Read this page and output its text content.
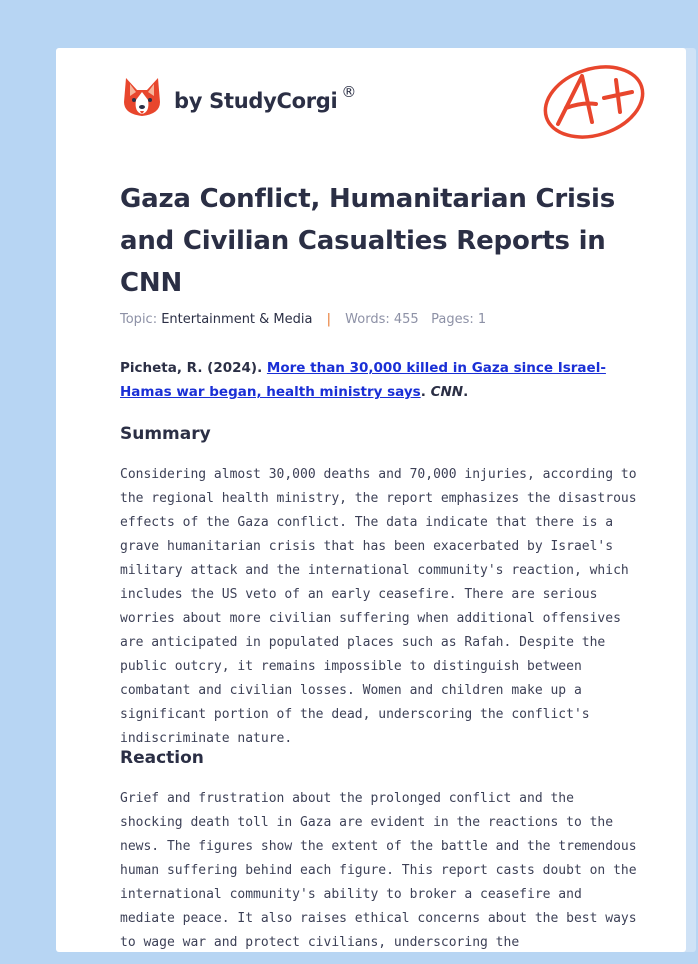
by StudyCorgi ®
Gaza Conflict, Humanitarian Crisis and Civilian Casualties Reports in CNN
Topic: Entertainment & Media | Words: 455 Pages: 1
Picheta, R. (2024). More than 30,000 killed in Gaza since Israel-Hamas war began, health ministry says. CNN.
Summary

Considering almost 30,000 deaths and 70,000 injuries, according to the regional health ministry, the report emphasizes the disastrous effects of the Gaza conflict. The data indicate that there is a grave humanitarian crisis that has been exacerbated by Israel's military attack and the international community's reaction, which includes the US veto of an early ceasefire. There are serious worries about more civilian suffering when additional offensives are anticipated in populated places such as Rafah. Despite the public outcry, it remains impossible to distinguish between combatant and civilian losses. Women and children make up a significant portion of the dead, underscoring the conflict's indiscriminate nature.

Reaction

Grief and frustration about the prolonged conflict and the shocking death toll in Gaza are evident in the reactions to the news. The figures show the extent of the battle and the tremendous human suffering behind each figure. This report casts doubt on the international community's ability to broker a ceasefire and mediate peace. It also raises ethical concerns about the best ways to wage war and protect civilians, underscoring the
